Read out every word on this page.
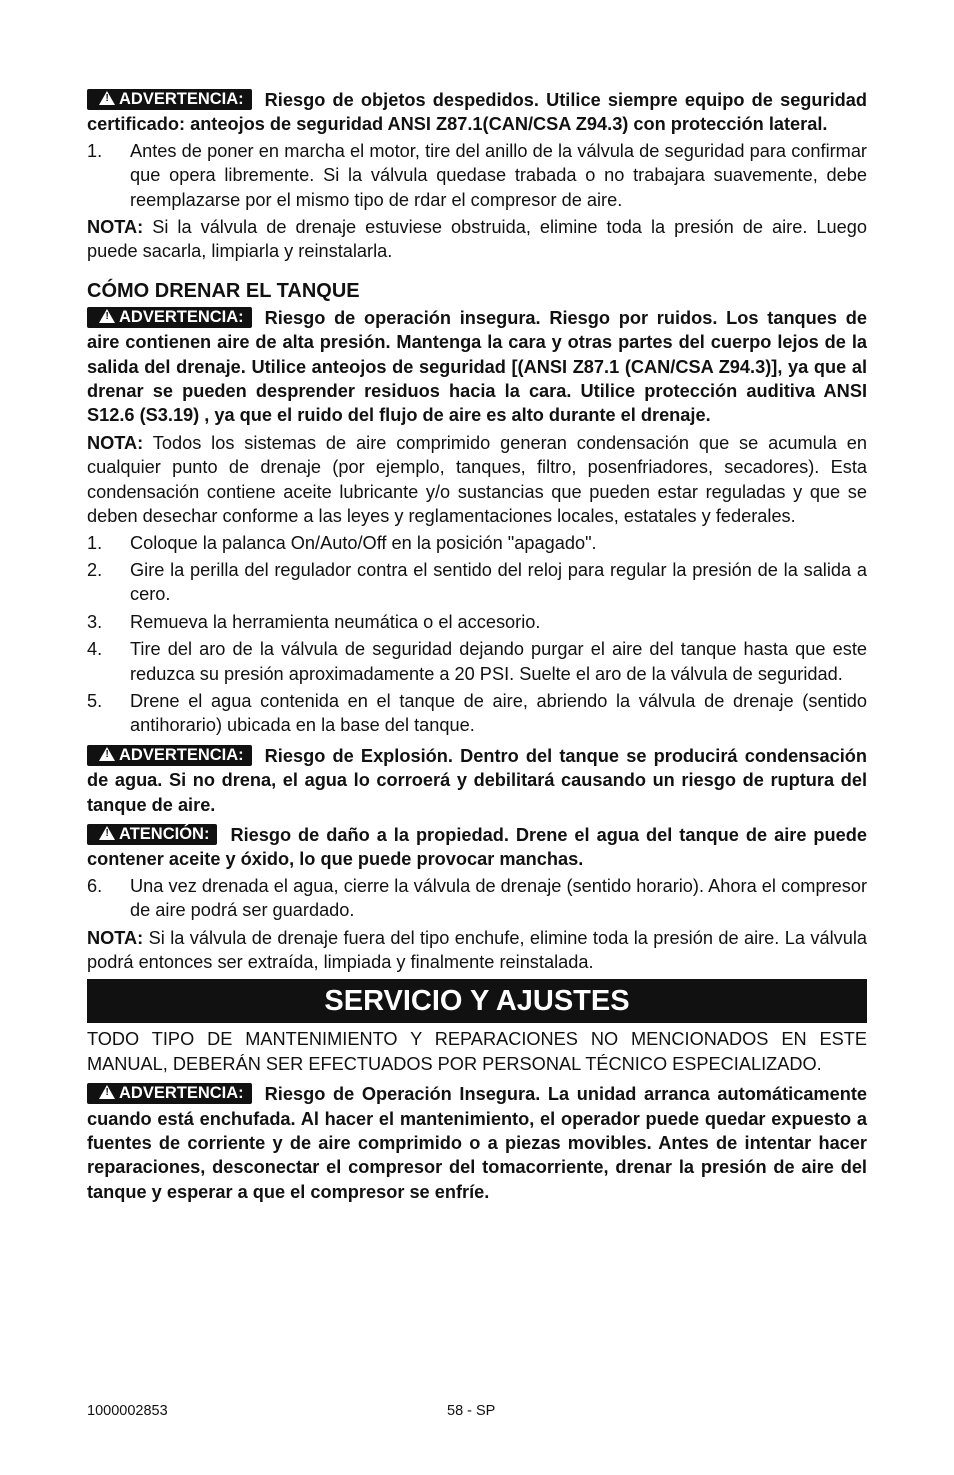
! ADVERTENCIA: Riesgo de objetos despedidos. Utilice siempre equipo de seguridad certificado: anteojos de seguridad ANSI Z87.1(CAN/CSA Z94.3) con protección lateral.

1.	Antes de poner en marcha el motor, tire del anillo de la válvula de seguridad para confirmar que opera libremente. Si la válvula quedase trabada o no trabajara suavemente, debe reemplazarse por el mismo tipo de rdar el compresor de aire.

NOTA: Si la válvula de drenaje estuviese obstruida, elimine toda la presión de aire. Luego puede sacarla, limpiarla y reinstalarla.

CÓMO DRENAR EL TANQUE

! ADVERTENCIA: Riesgo de operación insegura. Riesgo por ruidos. Los tanques de aire contienen aire de alta presión. Mantenga la cara y otras partes del cuerpo lejos de la salida del drenaje. Utilice anteojos de seguridad [(ANSI Z87.1 (CAN/CSA Z94.3)], ya que al drenar se pueden desprender residuos hacia la cara. Utilice protección auditiva ANSI S12.6 (S3.19) , ya que el ruido del flujo de aire es alto durante el drenaje.

NOTA: Todos los sistemas de aire comprimido generan condensación que se acumula en cualquier punto de drenaje (por ejemplo, tanques, filtro, posenfriadores, secadores). Esta condensación contiene aceite lubricante y/o sustancias que pueden estar reguladas y que se deben desechar conforme a las leyes y reglamentaciones locales, estatales y federales.

1.	Coloque la palanca On/Auto/Off en la posición "apagado".
2.	Gire la perilla del regulador contra el sentido del reloj para regular la presión de la salida a cero.
3.	Remueva la herramienta neumática o el accesorio.
4.	Tire del aro de la válvula de seguridad dejando purgar el aire del tanque hasta que este reduzca su presión aproximadamente a 20 PSI. Suelte el aro de la válvula de seguridad.
5.	Drene el agua contenida en el tanque de aire, abriendo la válvula de drenaje (sentido antihorario) ubicada en la base del tanque.

! ADVERTENCIA: Riesgo de Explosión. Dentro del tanque se producirá condensación de agua. Si no drena, el agua lo corroerá y debilitará causando un riesgo de ruptura del tanque de aire.

! ATENCIÓN: Riesgo de daño a la propiedad. Drene el agua del tanque de aire puede contener aceite y óxido, lo que puede provocar manchas.

6.	Una vez drenada el agua, cierre la válvula de drenaje (sentido horario). Ahora el compresor de aire podrá ser guardado.

NOTA: Si la válvula de drenaje fuera del tipo enchufe, elimine toda la presión de aire. La válvula podrá entonces ser extraída, limpiada y finalmente reinstalada.

SERVICIO Y AJUSTES

TODO TIPO DE MANTENIMIENTO Y REPARACIONES NO MENCIONADOS EN ESTE MANUAL, DEBERÁN SER EFECTUADOS POR PERSONAL TÉCNICO ESPECIALIZADO.

! ADVERTENCIA: Riesgo de Operación Insegura. La unidad arranca automáticamente cuando está enchufada. Al hacer el mantenimiento, el operador puede quedar expuesto a fuentes de corriente y de aire comprimido o a piezas movibles. Antes de intentar hacer reparaciones, desconectar el compresor del tomacorriente, drenar la presión de aire del tanque y esperar a que el compresor se enfríe.

1000002853	58 - SP
